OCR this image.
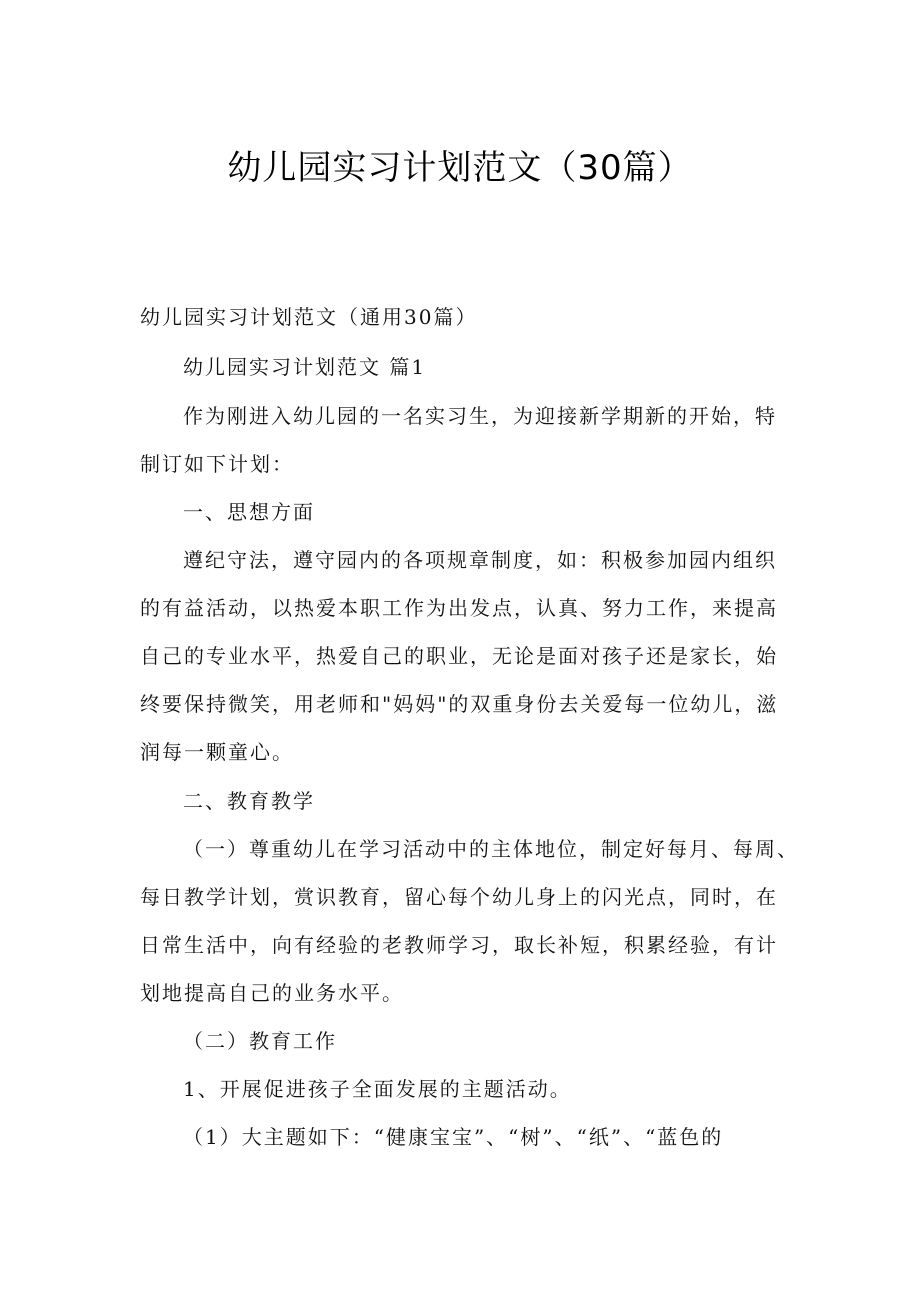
幼儿园实习计划范文（30篇）
幼儿园实习计划范文（通用30篇）
幼儿园实习计划范文 篇1
作为刚进入幼儿园的一名实习生，为迎接新学期新的开始，特
制订如下计划：
一、思想方面
遵纪守法，遵守园内的各项规章制度，如：积极参加园内组织
的有益活动，以热爱本职工作为出发点，认真、努力工作，来提高
自己的专业水平，热爱自己的职业，无论是面对孩子还是家长，始
终要保持微笑，用老师和"妈妈"的双重身份去关爱每一位幼儿，滋
润每一颗童心。
二、教育教学
（一）尊重幼儿在学习活动中的主体地位，制定好每月、每周、
每日教学计划，赏识教育，留心每个幼儿身上的闪光点，同时，在
日常生活中，向有经验的老教师学习，取长补短，积累经验，有计
划地提高自己的业务水平。
（二）教育工作
1、开展促进孩子全面发展的主题活动。
（1）大主题如下：“健康宝宝”、“树”、“纸”、“蓝色的
